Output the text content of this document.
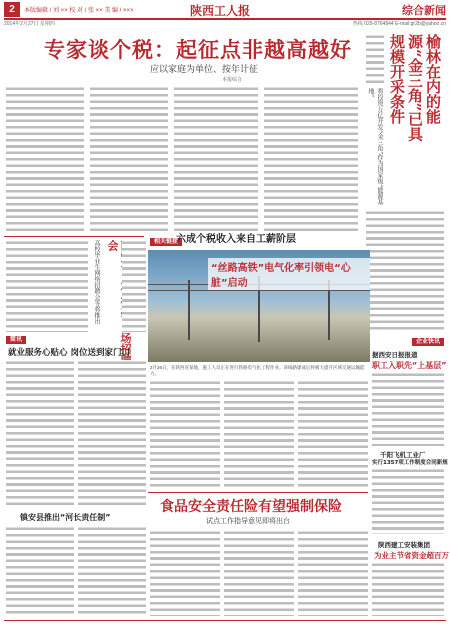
2	本版编辑 / 刘 ×× 校 对 / 张 ×× 美 编 / ×××	陕西工人报	综合新闻
2014年2月27日 星期四	热线 029-8764844 E-mail:gr2b@yahoo.cn
专家谈个税：起征点非越高越好
应以家庭为单位、按年计征
本报综合	榆林在内的能源“金三角”已具规模开采条件
将投资万亿开发“金三角”作为国家级“能源基地”
相关链接
六成个税收入来自工薪阶层
办17场招聘会
高校毕业生网络招聘会等将推出	“丝路高铁”电气化率引领电“心脏”启动
2月26日，在陕西省某地，施工人员正在进行铁路电气化工程作业。该线路建成后将极大提升区域交通运输能力。
企业快讯
据西安日报报道
职工入职先“上基层”
千阳飞机工业厂
实行1357项工作制度合同新规
陕西建工安装集团
为业主节省资金超百万
简讯
就业服务心贴心 岗位送到家门口
镇安县推出“河长责任制”
食品安全责任险有望强制保险
试点工作指导意见即将出台
